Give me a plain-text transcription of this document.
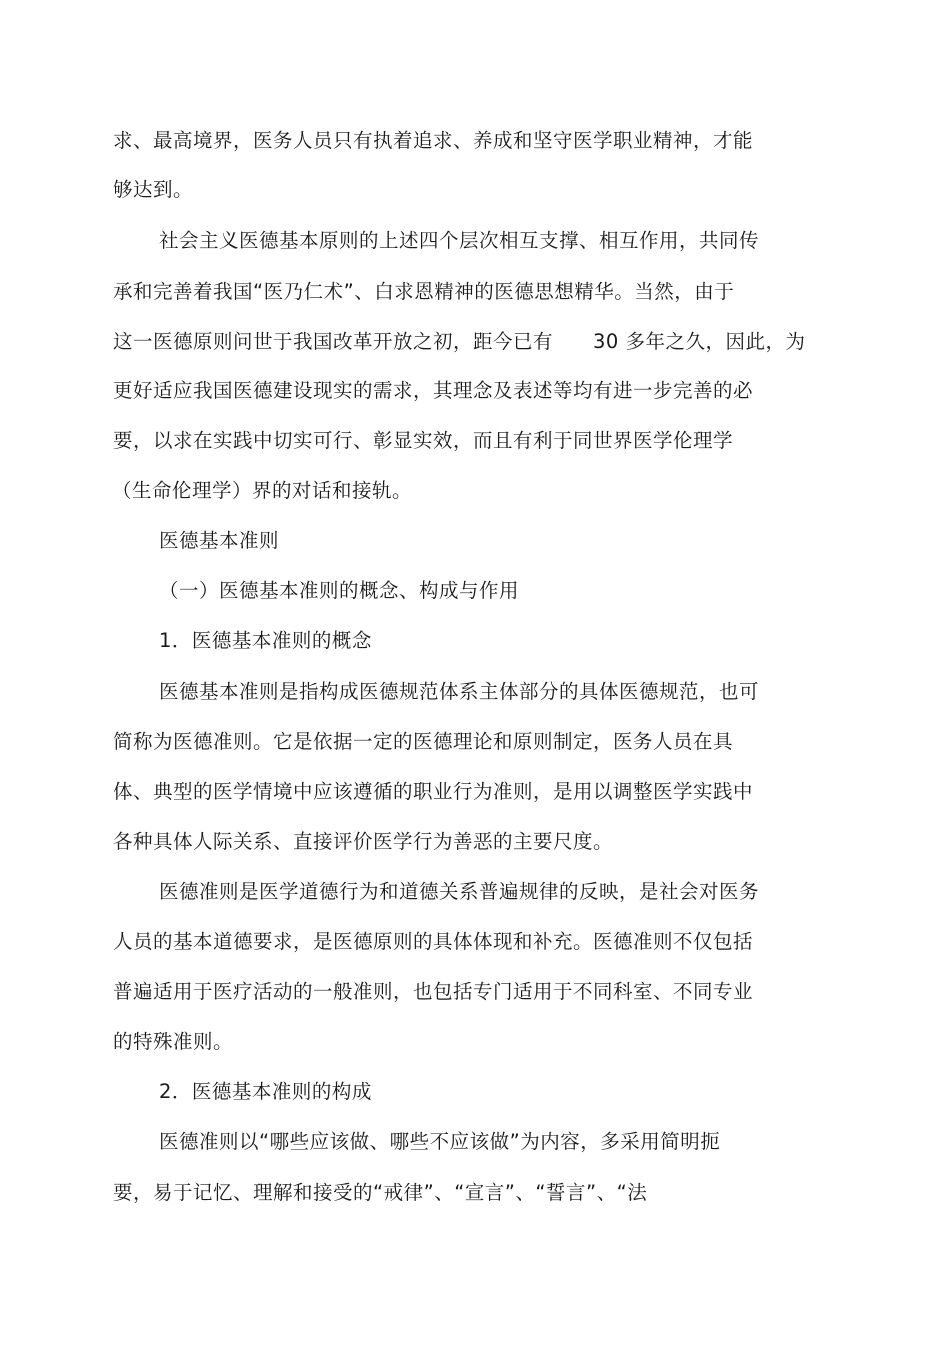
求、最高境界，医务人员只有执着追求、养成和坚守医学职业精神，才能
够达到。
社会主义医德基本原则的上述四个层次相互支撑、相互作用，共同传
承和完善着我国“医乃仁术”、白求恩精神的医德思想精华。当然，由于
这一医德原则问世于我国改革开放之初，距今已有　　30 多年之久，因此，为
更好适应我国医德建设现实的需求，其理念及表述等均有进一步完善的必
要，以求在实践中切实可行、彰显实效，而且有利于同世界医学伦理学
（生命伦理学）界的对话和接轨。
医德基本准则
（一）医德基本准则的概念、构成与作用
1．医德基本准则的概念
医德基本准则是指构成医德规范体系主体部分的具体医德规范，也可
简称为医德准则。它是依据一定的医德理论和原则制定，医务人员在具
体、典型的医学情境中应该遵循的职业行为准则，是用以调整医学实践中
各种具体人际关系、直接评价医学行为善恶的主要尺度。
医德准则是医学道德行为和道德关系普遍规律的反映，是社会对医务
人员的基本道德要求，是医德原则的具体体现和补充。医德准则不仅包括
普遍适用于医疗活动的一般准则，也包括专门适用于不同科室、不同专业
的特殊准则。
2．医德基本准则的构成
医德准则以“哪些应该做、哪些不应该做”为内容，多采用简明扼
要，易于记忆、理解和接受的“戒律”、“宣言”、“誓言”、“法
